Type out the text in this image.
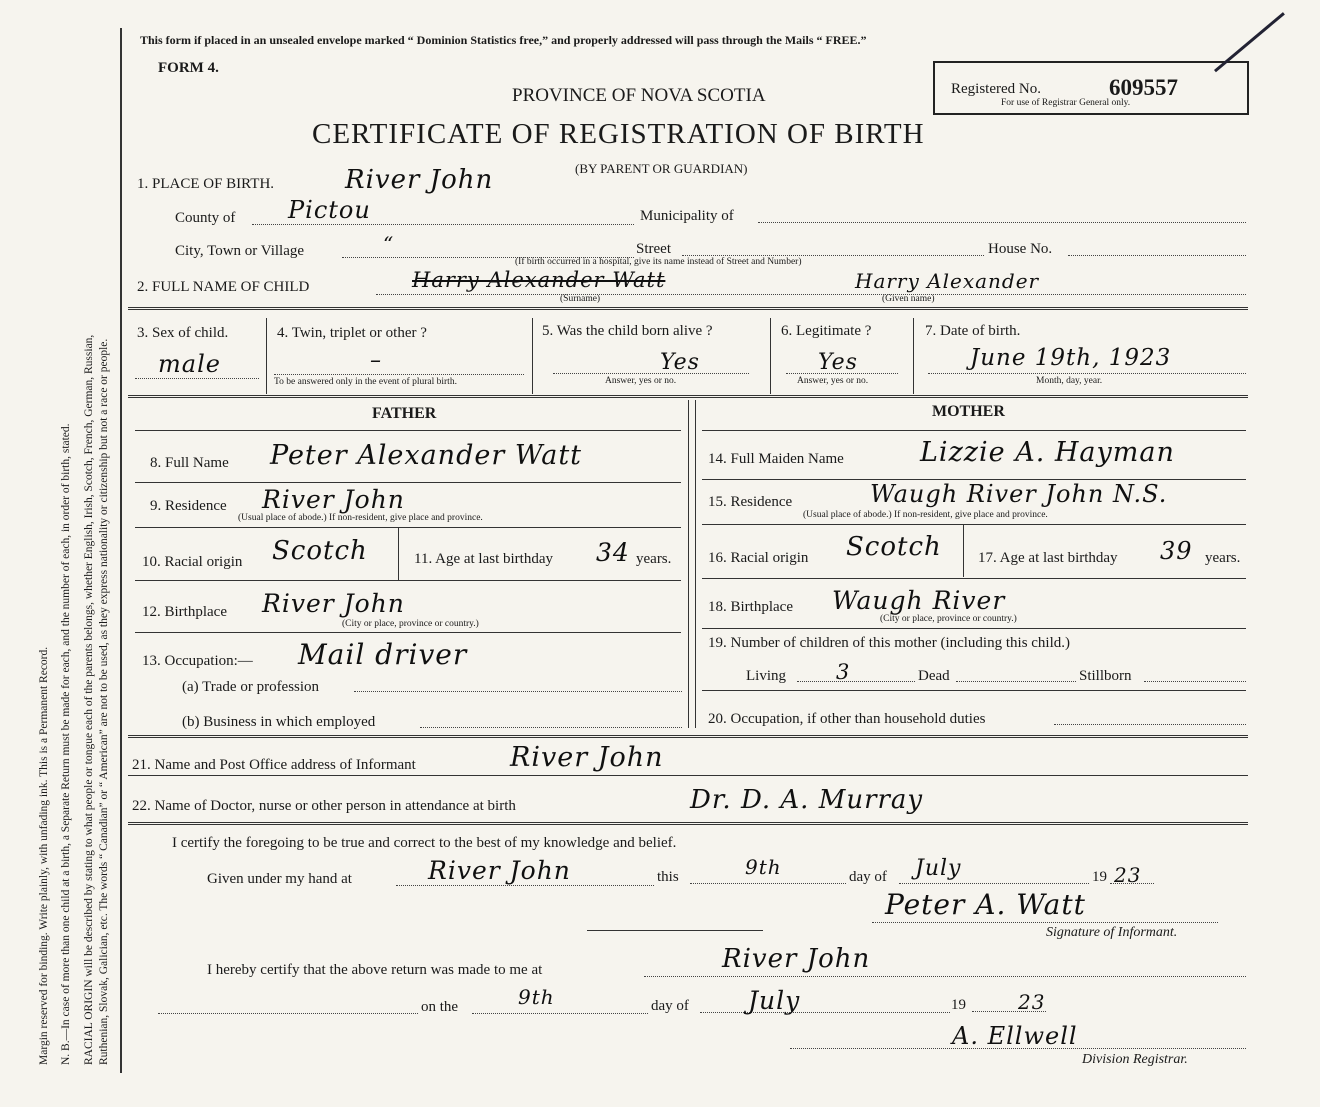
Margin reserved for binding. Write plainly, with unfading ink. This is a Permanent Record. N. B.—In case of more than one child at a birth, a Separate Return must be made for each, and the number of each, in order of birth, stated. RACIAL ORIGIN will be described by stating to what people or tongue each of the parents belongs, whether English, Irish, Scotch, French, German, Russian, Ruthenian, Slovak, Galician, etc. The words “ Canadian” or “ American” are not to be used, as they express nationality or citizenship but not a race or people.
This form if placed in an unsealed envelope marked “ Dominion Statistics free,” and properly addressed will pass through the Mails “ FREE.”
FORM 4.
PROVINCE OF NOVA SCOTIA
CERTIFICATE OF REGISTRATION OF BIRTH
(BY PARENT OR GUARDIAN)
Registered No.	609557
For use of Registrar General only.
1. PLACE OF BIRTH.	River John
County of Pictou	Municipality of
City, Town or Village	“	Street
(If birth occurred in a hospital, give its name instead of Street and Number)
House No.
2. FULL NAME OF CHILD	Harry Alexander Watt
(Surname)
Harry Alexander
(Given name)
3. Sex of child.
male
4. Twin, triplet or other ?
–
To be answered only in the event of plural birth.
5. Was the child born alive ?
Yes
Answer, yes or no.
6. Legitimate ?
Yes
Answer, yes or no.
7. Date of birth.
June 19th, 1923
Month, day, year.
FATHER	MOTHER
8. Full Name Peter Alexander Watt
9. Residence River John
(Usual place of abode.) If non-resident, give place and province.
10. Racial origin Scotch	11. Age at last birthday 34 years.
12. Birthplace River John
(City or place, province or country.)
13. Occupation:— Mail driver
(a) Trade or profession
(b) Business in which employed
14. Full Maiden Name	Lizzie A. Hayman
15. Residence	Waugh River John N.S.
(Usual place of abode.) If non-resident, give place and province.
16. Racial origin Scotch 17. Age at last birthday 39 years.
18. Birthplace Waugh River
(City or place, province or country.)
19. Number of children of this mother (including this child.)
Living 3	Dead	Stillborn
20. Occupation, if other than household duties
21. Name and Post Office address of Informant	River John
22. Name of Doctor, nurse or other person in attendance at birth	Dr. D. A. Murray
I certify the foregoing to be true and correct to the best of my knowledge and belief.
Given under my hand at	River John	this	9th	day of July	19 23
Peter A. Watt
Signature of Informant.
I hereby certify that the above return was made to me at	River John
on the	9th	day of July	19	23
A. Ellwell
Division Registrar.
